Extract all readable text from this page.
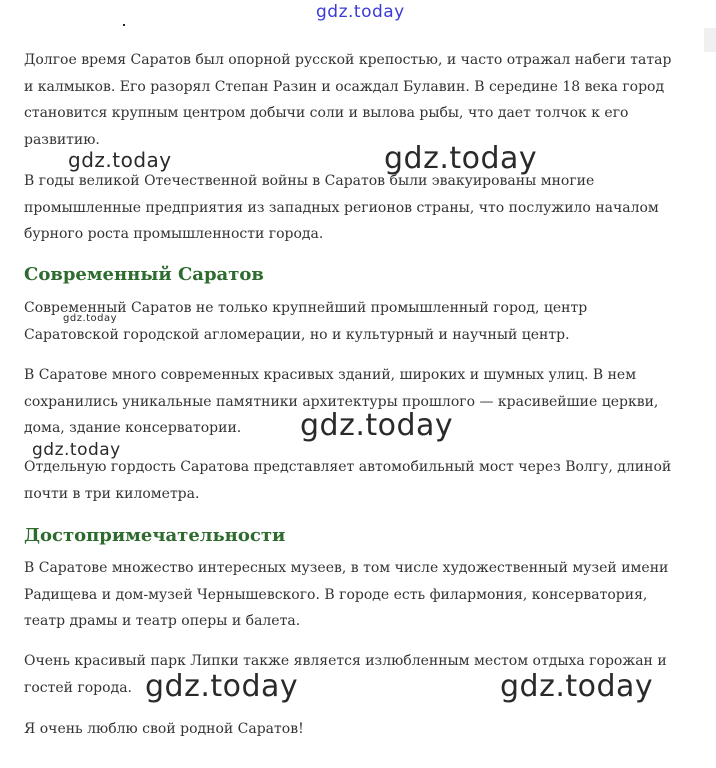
gdz.today

Долгое время Саратов был опорной русской крепостью, и часто отражал набеги татар и калмыков. Его разорял Степан Разин и осаждал Булавин. В середине 18 века город становится крупным центром добычи соли и вылова рыбы, что дает толчок к его развитию.

В годы великой Отечественной войны в Саратов были эвакуированы многие промышленные предприятия из западных регионов страны, что послужило началом бурного роста промышленности города.

Современный Саратов

Современный Саратов не только крупнейший промышленный город, центр Саратовской городской агломерации, но и культурный и научный центр.

В Саратове много современных красивых зданий, широких и шумных улиц. В нем сохранились уникальные памятники архитектуры прошлого — красивейшие церкви, дома, здание консерватории.

Отдельную гордость Саратова представляет автомобильный мост через Волгу, длиной почти в три километра.

Достопримечательности

В Саратове множество интересных музеев, в том числе художественный музей имени Радищева и дом-музей Чернышевского. В городе есть филармония, консерватория, театр драмы и театр оперы и балета.

Очень красивый парк Липки также является излюбленным местом отдыха горожан и гостей города.

Я очень люблю свой родной Саратов!

gdz.today	gdz.today
gdz.today
gdz.today
gdz.today
gdz.today	gdz.today
